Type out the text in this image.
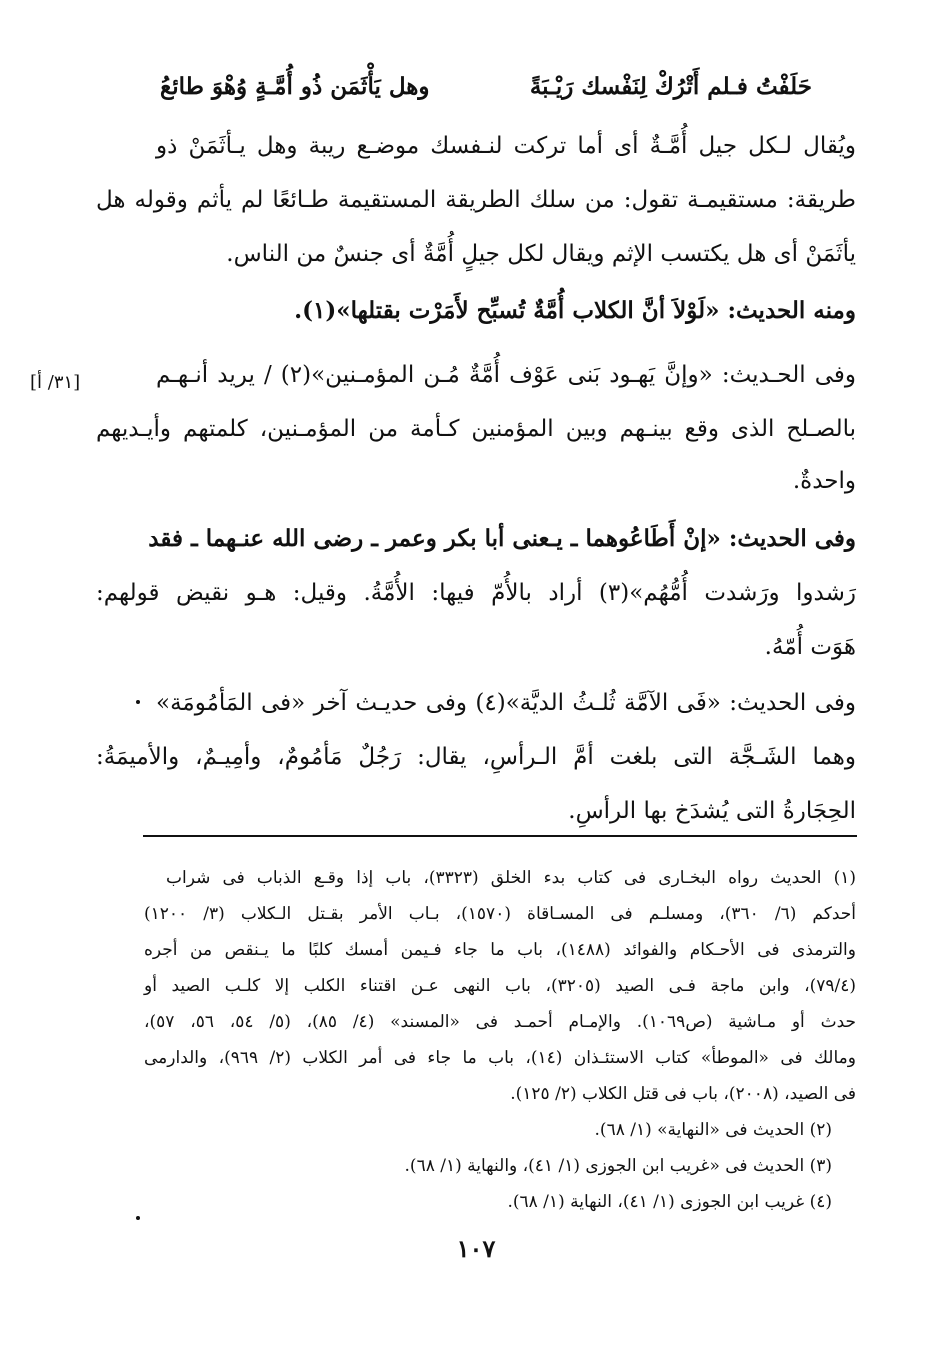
حَلَفْتُ فـلم أَتْرُكْ لِنَفْسك رَيْـبَةً
وهل يَأْثَمَن ذُو أُمَّـةٍ وُهْوَ طائعُ
ويُقال لـكل جيل أُمَّـةٌ أى أما تركت لنـفسك موضـع ريبة وهل يـأثَمَنْ ذو
طريقة: مستقيمـة تقول: من سلك الطريقة المستقيمة طـائعًا لم يأثم وقوله هل
يأثَمَنْ أى هل يكتسب الإثم ويقال لكل جيلٍ أُمَّةٌ أى جنسٌ من الناس.
ومنه الحديث: «لَوْلاَ أنَّ الكلاب أُمَّةٌ تُسبِّح لأَمَرْت بقتلها»(١).
وفى الحـديث: «وإنَّ يَهـود بَنى عَوْف أُمَّةٌ مُـن المؤمـنين»(٢) / يريد أنـهـم
بالصـلح الذى وقع بينـهم وبين المؤمنين كـأمة من المؤمـنين، كلمتهم وأيـديهم
واحدةٌ.
[٣١/ أ]
وفى الحديث: «إنْ أَطَاعُوهما ـ يـعنى أبا بكر وعمر ـ رضى الله عنـهما ـ فقد
رَشدوا ورَشدت أُمُّهُم»(٣) أراد بالأُمّ فيها: الأُمَّةُ. وقيل: هـو نقيض قولهم:
هَوَت أُمّهُ.
وفى الحديث: «فَى الآمَّة ثُلـثُ الديَّة»(٤) وفى حديـث آخر «فى المَأمُومَة»
وهما الشَـجَّة التى بلغت أمَّ الـرأسِ، يقال: رَجُلٌ مَأمُومٌ، وأمِيـمٌ، والأميمَةُ:
الحِجَارةُ التى يُشدَخ بها الرأسِ.
(١) الحديث رواه البخـارى فى كتاب بدء الخلق (٣٣٢٣)، باب إذا وقـع الذباب فى شراب
أحدكم (٦/ ٣٦٠)، ومسلـم فى المسـاقاة (١٥٧٠)، بـاب الأمر بقـتل الـكلاب (٣/ ١٢٠٠)
والترمذى فى الأحـكام والفوائد (١٤٨٨)، باب ما جاء فـيمن أمسك كلبًا ما يـنقص من أجره
(٧٩/٤)، وابن ماجة فـى الصيد (٣٢٠٥)، باب النهى عـن اقتناء الكلب إلا كلـب الصيد أو
حدث أو مـاشية (ص١٠٦٩). والإمـام أحمـد فى «المسند» (٤/ ٨٥)، (٥/ ٥٤، ٥٦، ٥٧)،
ومالك فى «الموطأ» كتاب الاستئـذان (١٤)، باب ما جاء فى أمر الكلاب (٢/ ٩٦٩)، والدارمى
فى الصيد، (٢٠٠٨)، باب فى قتل الكلاب (٢/ ١٢٥).
(٢) الحديث فى «النهاية» (١/ ٦٨).
(٣) الحديث فى «غريب ابن الجوزى (١/ ٤١)، والنهاية (١/ ٦٨).
(٤) غريب ابن الجوزى (١/ ٤١)، النهاية (١/ ٦٨).
١٠٧
